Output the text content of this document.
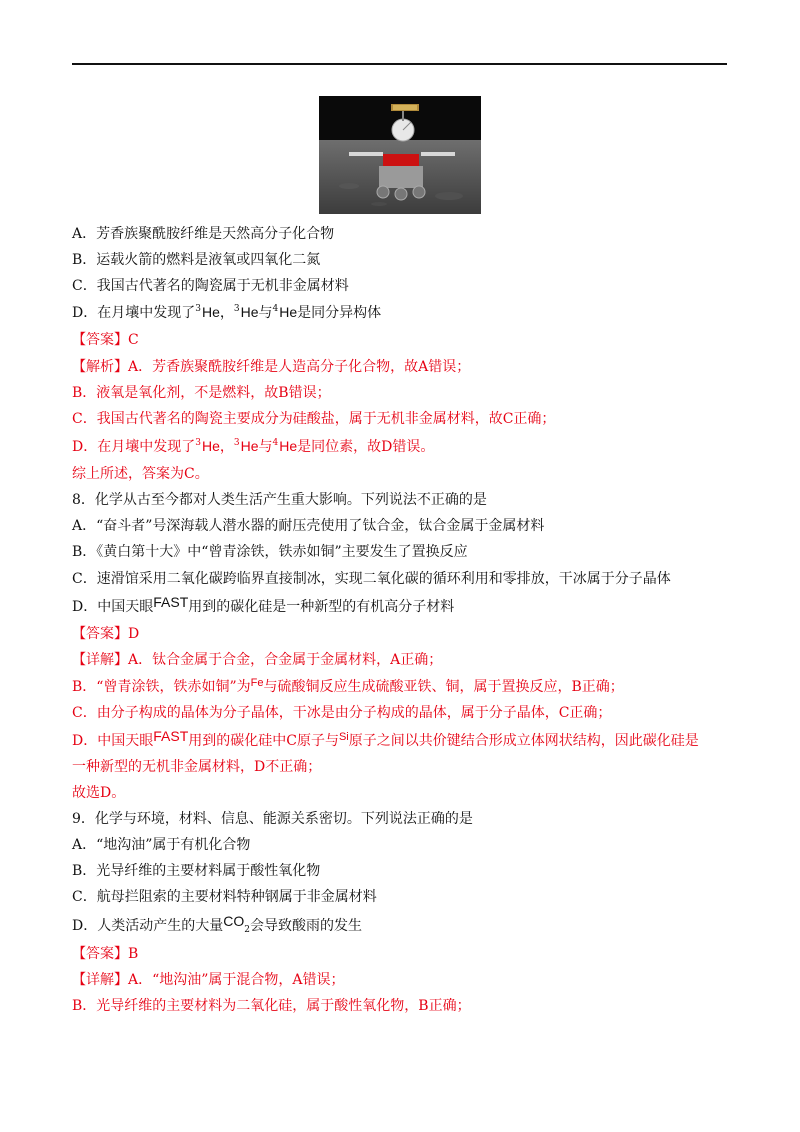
A．芳香族聚酰胺纤维是天然高分子化合物
B．运载火箭的燃料是液氧或四氧化二氮
C．我国古代著名的陶瓷属于无机非金属材料
D．在月壤中发现了$^3$He，$^3$He与$^4$He是同分异构体
【答案】C
【解析】A．芳香族聚酰胺纤维是人造高分子化合物，故A错误；
B．液氧是氧化剂，不是燃料，故B错误；
C．我国古代著名的陶瓷主要成分为硅酸盐，属于无机非金属材料，故C正确；
D．在月壤中发现了$^3$He，$^3$He与$^4$He是同位素，故D错误。
综上所述，答案为C。
8．化学从古至今都对人类生活产生重大影响。下列说法不正确的是
A．“奋斗者”号深海载人潜水器的耐压壳使用了钛合金，钛合金属于金属材料
B．《黄白第十大》中“曾青涂铁，铁赤如铜”主要发生了置换反应
C．速滑馆采用二氧化碳跨临界直接制冰，实现二氧化碳的循环利用和零排放，干冰属于分子晶体
D．中国天眼FAST用到的碳化硅是一种新型的有机高分子材料
【答案】D
【详解】A．钛合金属于合金，合金属于金属材料，A正确；
B．“曾青涂铁，铁赤如铜”为$^{Fe}$与硫酸铜反应生成硫酸亚铁、铜，属于置换反应，B正确；
C．由分子构成的晶体为分子晶体，干冰是由分子构成的晶体，属于分子晶体，C正确；
D．中国天眼FAST用到的碳化硅中C原子与$^{Si}$原子之间以共价键结合形成立体网状结构，因此碳化硅是
一种新型的无机非金属材料，D不正确；
故选D。
9．化学与环境，材料、信息、能源关系密切。下列说法正确的是
A．“地沟油”属于有机化合物
B．光导纤维的主要材料属于酸性氧化物
C．航母拦阻索的主要材料特种钢属于非金属材料
D．人类活动产生的大量$CO_2$会导致酸雨的发生
【答案】B
【详解】A．“地沟油”属于混合物，A错误；
B．光导纤维的主要材料为二氧化硅，属于酸性氧化物，B正确；
